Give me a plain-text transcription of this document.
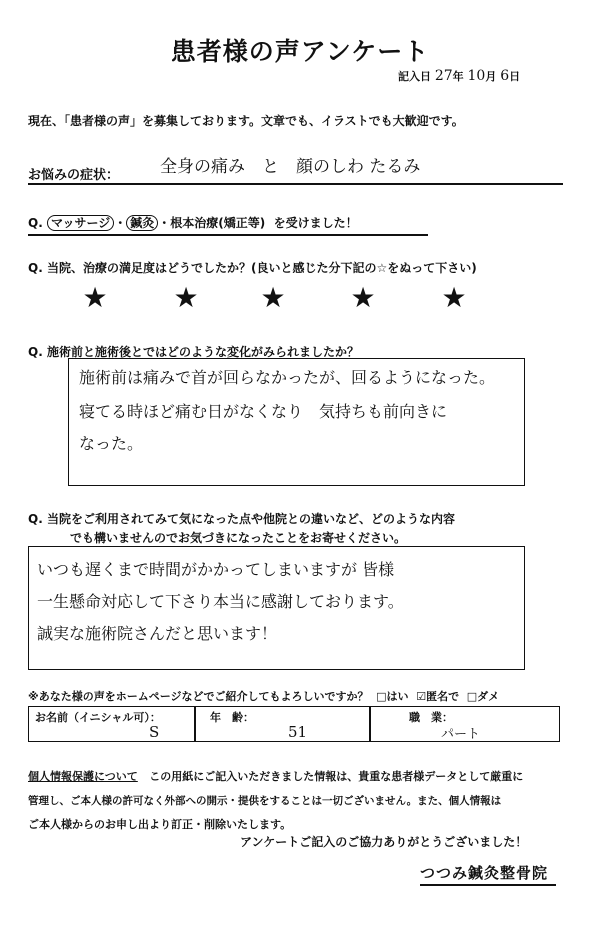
患者様の声アンケート
記入日 27年 10月 6日
現在、「患者様の声」を募集しております。文章でも、イラストでも大歓迎です。
お悩みの症状： 全身の痛み　と　顔のしわ たるみ
Q. マッサージ ・ 鍼灸 ・根本治療(矯正等) を受けました！
Q. 当院、治療の満足度はどうでしたか？(良いと感じた分下記の☆をぬって下さい)
★ ★ ★ ★ ★
Q. 施術前と施術後とではどのような変化がみられましたか？
施術前は痛みで首が回らなかったが、回るようになった。
寝てる時ほど痛む日がなくなり　気持ちも前向きに
なった。
Q. 当院をご利用されてみて気になった点や他院との違いなど、どのような内容
でも構いませんのでお気づきになったことをお寄せください。
いつも遅くまで時間がかかってしまいますが 皆様
一生懸命対応して下さり本当に感謝しております。
誠実な施術院さんだと思います！
※あなた様の声をホームページなどでご紹介してもよろしいですか？ □はい ☑匿名で □ダメ
お名前（イニシャル可）：
S
年　齢：
51
職　業：
パート
個人情報保護について この用紙にご記入いただきました情報は、貴重な患者様データとして厳重に
管理し、ご本人様の許可なく外部への開示・提供をすることは一切ございません。また、個人情報は
ご本人様からのお申し出より訂正・削除いたします。
アンケートご記入のご協力ありがとうございました！
つつみ鍼灸整骨院
